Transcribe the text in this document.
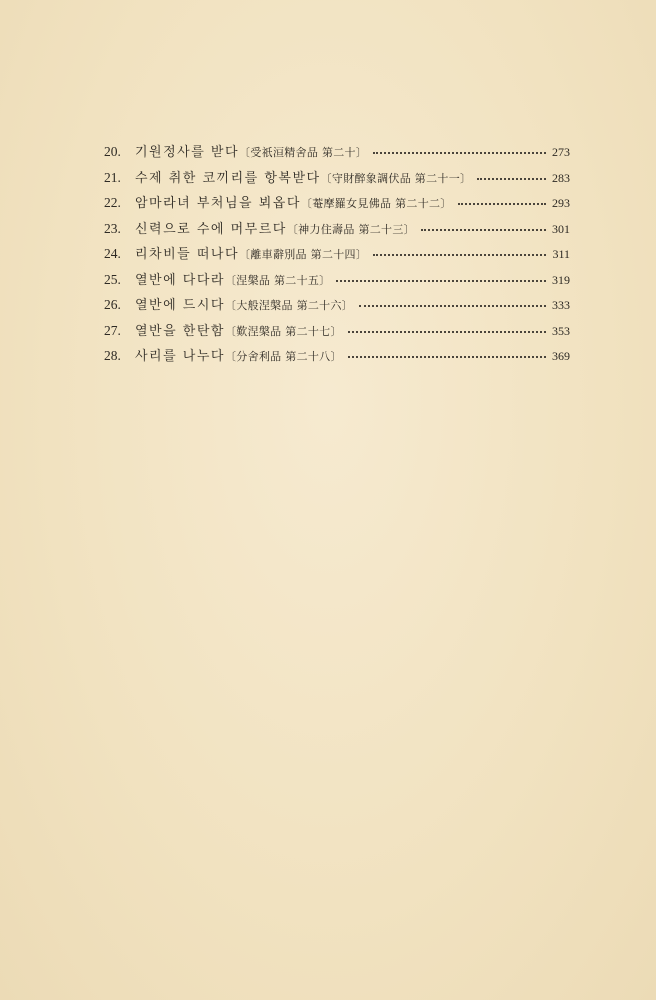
20.	기원정사를 받다 〔受祇洹精舍品 第二十〕	273
21.	수제 취한 코끼리를 항복받다 〔守財醉象調伏品 第二十一〕	283
22.	암마라녀 부처님을 뵈옵다 〔菴摩羅女見佛品 第二十二〕	293
23.	신력으로 수에 머무르다 〔神力住壽品 第二十三〕	301
24.	리차비들 떠나다 〔離車辭別品 第二十四〕	311
25.	열반에 다다라 〔涅槃品 第二十五〕	319
26.	열반에 드시다 〔大般涅槃品 第二十六〕	333
27.	열반을 한탄함 〔歎涅槃品 第二十七〕	353
28.	사리를 나누다 〔分舍利品 第二十八〕	369
